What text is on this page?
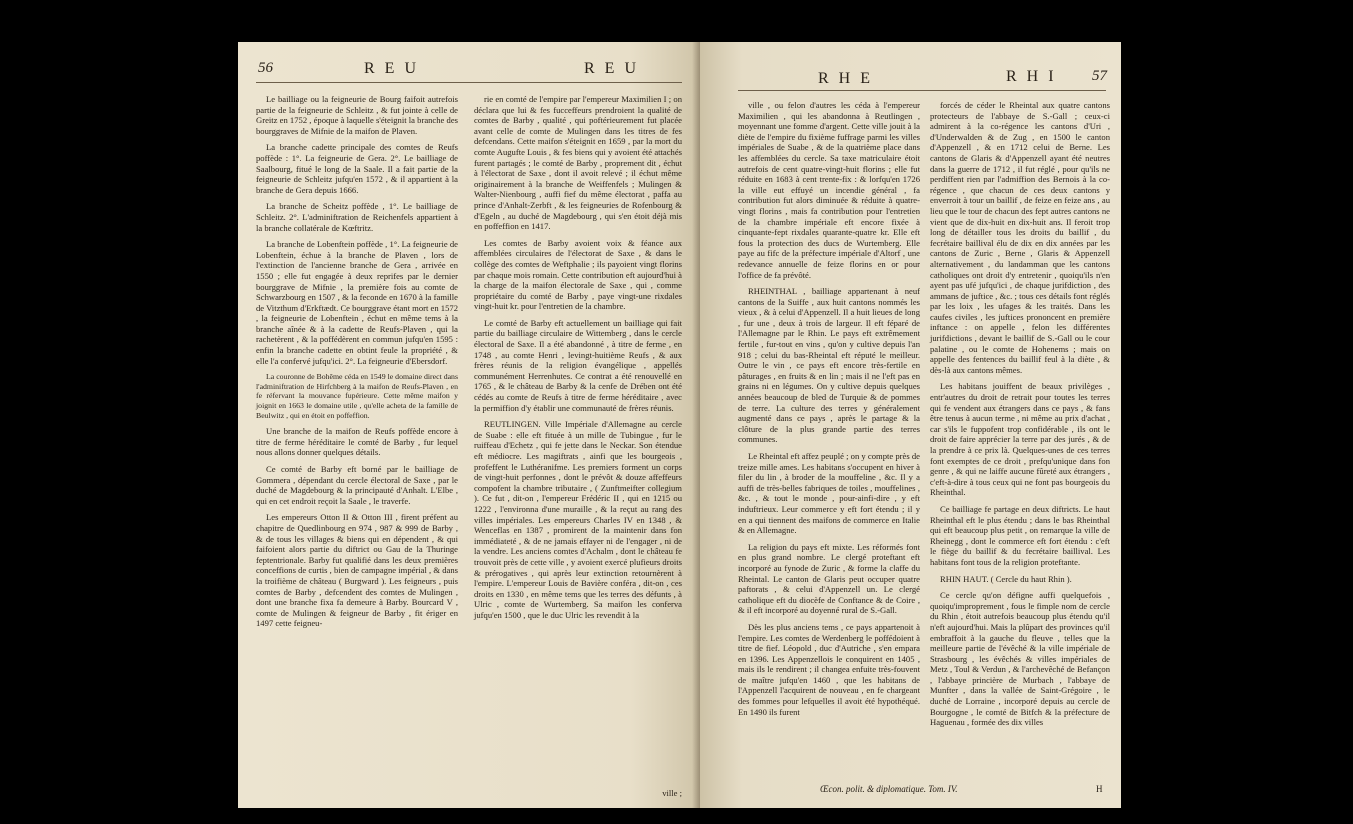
56	R E U	R E U

Le bailliage ou la feigneurie de Bourg faifoit autrefois partie de la feigneurie de Schleitz , & fut jointe à celle de Greitz en 1752 , époque à laquelle s'éteignit la branche des bourggraves de Mifnie de la maifon de Plaven.

La branche cadette principale des comtes de Reufs poffède : 1°. La feigneurie de Gera. 2°. Le bailliage de Saalbourg, fitué le long de la Saale. Il a fait partie de la feigneurie de Schleitz jufqu'en 1572 , & il appartient à la branche de Gera depuis 1666.

La branche de Scheitz poffède , 1°. Le bailliage de Schleitz. 2°. L'adminiftration de Reichenfels appartient à la branche collatérale de Kœftritz.

La branche de Lobenftein poffède , 1°. La feigneurie de Lobenftein, échue à la branche de Plaven , lors de l'extinction de l'ancienne branche de Gera , arrivée en 1550 ; elle fut engagée à deux reprifes par le dernier bourggrave de Mifnie , la première fois au comte de Schwarzbourg en 1507 , & la feconde en 1670 à la famille de Vitzthum d'Erkftædt. Ce bourggrave étant mort en 1572 , la feigneurie de Lobenftein , échut en même tems à la branche aînée & à la cadette de Reufs-Plaven , qui la rachetèrent , & la poffédèrent en commun jufqu'en 1595 : enfin la branche cadette en obtint feule la propriété , & elle l'a confervé jufqu'ici. 2°. La feigneurie d'Ebersdorf.

La couronne de Bohême céda en 1549 le domaine direct dans l'adminiftration de Hirfchberg à la maifon de Reufs-Plaven , en fe réfervant la mouvance fupérieure. Cette même maifon y joignit en 1663 le domaine utile , qu'elle acheta de la famille de Beulwitz , qui en étoit en poffeffion.

Une branche de la maifon de Reufs poffède encore à titre de ferme héréditaire le comté de Barby , fur lequel nous allons donner quelques détails.

Ce comté de Barby eft borné par le bailliage de Gommera , dépendant du cercle électoral de Saxe , par le duché de Magdebourg & la principauté d'Anhalt. L'Elbe , qui en cet endroit reçoit la Saale , le traverfe.

Les empereurs Otton II & Otton III , firent préfent au chapitre de Quedlinbourg en 974 , 987 & 999 de Barby , & de tous les villages & biens qui en dépendent , & qui faifoient alors partie du diftrict ou Gau de la Thuringe feptentrionale. Barby fut qualifié dans les deux premières conceffions de curtis , bien de campagne impérial , & dans la troifième de château ( Burgward ). Les feigneurs , puis comtes de Barby , defcendent des comtes de Mulingen , dont une branche fixa fa demeure à Barby. Bourcard V , comte de Mulingen & feigneur de Barby , fit ériger en 1497 cette feigneu-

rie en comté de l'empire par l'empereur Maximilien I ; on déclara que lui & fes fucceffeurs prendroient la qualité de comtes de Barby , qualité , qui poftérieurement fut placée avant celle de comte de Mulingen dans les titres de fes defcendans. Cette maifon s'éteignit en 1659 , par la mort du comte Augufte Louis , & fes biens qui y avoient été attachés furent partagés ; le comté de Barby , proprement dit , échut à l'électorat de Saxe , dont il avoit relevé ; il échut même originairement à la branche de Weiffenfels ; Mulingen & Walter-Nienbourg , auffi fief du même électorat , paffa au prince d'Anhalt-Zerbft , & les feigneuries de Rofenbourg & d'Egeln , au duché de Magdebourg , qui s'en étoit déjà mis en poffeffion en 1417.

Les comtes de Barby avoient voix & féance aux affemblées circulaires de l'électorat de Saxe , & dans le collège des comtes de Weftphalie ; ils payoient vingt florins par chaque mois romain. Cette contribution eft aujourd'hui à la charge de la maifon électorale de Saxe , qui , comme propriétaire du comté de Barby , paye vingt-une rixdales vingt-huit kr. pour l'entretien de la chambre.

Le comté de Barby eft actuellement un bailliage qui fait partie du bailliage circulaire de Wittemberg , dans le cercle électoral de Saxe. Il a été abandonné , à titre de ferme , en 1748 , au comte Henri , levingt-huitième Reufs , & aux frères réunis de la religion évangélique , appellés communément Herrenhutes. Ce contrat a été renouvellé en 1765 , & le château de Barby & la cenfe de Drében ont été cédés au comte de Reufs à titre de ferme héréditaire , avec la permiffion d'y établir une communauté de frères réunis.

REUTLINGEN. Ville Impériale d'Allemagne au cercle de Suabe : elle eft fituée à un mille de Tubingue , fur le ruiffeau d'Echetz , qui fe jette dans le Neckar. Son étendue eft médiocre. Les magiftrats , ainfi que les bourgeois , profeffent le Luthéranifme. Les premiers forment un corps de vingt-huit perfonnes , dont le prévôt & douze affeffeurs compofent la chambre tributaire , ( Zunftmeifter collegium ). Ce fut , dit-on , l'empereur Frédéric II , qui en 1215 ou 1222 , l'environna d'une muraille , & la reçut au rang des villes impériales. Les empereurs Charles IV en 1348 , & Wenceflas en 1387 , promirent de la maintenir dans fon immédiateté , & de ne jamais effayer ni de l'engager , ni de la vendre. Les anciens comtes d'Achalm , dont le château fe trouvoit près de cette ville , y avoient exercé plufieurs droits & prérogatives , qui après leur extinction retournèrent à l'empire. L'empereur Louis de Bavière conféra , dit-on , ces droits en 1330 , en même tems que les terres des défunts , à Ulric , comte de Wurtemberg. Sa maifon les conferva jufqu'en 1500 , que le duc Ulric les revendit à la

ville ;
R H E	R H I 57

ville , ou felon d'autres les céda à l'empereur Maximilien , qui les abandonna à Reutlingen , moyennant une fomme d'argent. Cette ville jouit à la diète de l'empire du fixième fuffrage parmi les villes impériales de Suabe , & de la quatrième place dans les affemblées du cercle. Sa taxe matriculaire étoit autrefois de cent quatre-vingt-huit florins ; elle fut réduite en 1683 à cent trente-fix : & lorfqu'en 1726 la ville eut effuyé un incendie général , fa contribution fut alors diminuée & réduite à quatre-vingt florins , mais fa contribution pour l'entretien de la chambre impériale eft encore fixée à cinquante-fept rixdales quarante-quatre kr. Elle eft fous la protection des ducs de Wurtemberg. Elle paye au fifc de la préfecture impériale d'Altorf , une redevance annuelle de feize florins en or pour l'office de fa prévôté.

RHEINTHAL , bailliage appartenant à neuf cantons de la Suiffe , aux huit cantons nommés les vieux , & à celui d'Appenzell. Il a huit lieues de long , fur une , deux à trois de largeur. Il eft féparé de l'Allemagne par le Rhin. Le pays eft extrêmement fertile , fur-tout en vins , qu'on y cultive depuis l'an 918 ; celui du bas-Rheintal eft réputé le meilleur. Outre le vin , ce pays eft encore très-fertile en pâturages , en fruits & en lin ; mais il ne l'eft pas en grains ni en légumes. On y cultive depuis quelques années beaucoup de bled de Turquie & de pommes de terre. La culture des terres y généralement augmenté dans ce pays , après le partage & la clôture de la plus grande partie des terres communes.

Le Rheintal eft affez peuplé ; on y compte près de treize mille ames. Les habitans s'occupent en hiver à filer du lin , à broder de la mouffeline , &c. Il y a auffi de très-belles fabriques de toiles , mouffelines , &c. , & tout le monde , pour-ainfi-dire , y eft induftrieux. Leur commerce y eft fort étendu ; il y en a qui tiennent des maifons de commerce en Italie & en Allemagne.

La religion du pays eft mixte. Les réformés font en plus grand nombre. Le clergé proteftant eft incorporé au fynode de Zuric , & forme la claffe du Rheintal. Le canton de Glaris peut occuper quatre paftorats , & celui d'Appenzell un. Le clergé catholique eft du diocèfe de Conftance & de Coire , & il eft incorporé au doyenné rural de S.-Gall.

Dès les plus anciens tems , ce pays appartenoit à l'empire. Les comtes de Werdenberg le poffédoient à titre de fief. Léopold , duc d'Autriche , s'en empara en 1396. Les Appenzellois le conquirent en 1405 , mais ils le rendirent ; il changea enfuite très-fouvent de maître jufqu'en 1460 , que les habitans de l'Appenzell l'acquirent de nouveau , en fe chargeant des fommes pour lefquelles il avoit été hypothéqué. En 1490 ils furent

forcés de céder le Rheintal aux quatre cantons protecteurs de l'abbaye de S.-Gall ; ceux-ci admirent à la co-régence les cantons d'Uri , d'Underwalden & de Zug , en 1500 le canton d'Appenzell , & en 1712 celui de Berne. Les cantons de Glaris & d'Appenzell ayant été neutres dans la guerre de 1712 , il fut réglé , pour qu'ils ne perdiffent rien par l'admiffion des Bernois à la co-régence , que chacun de ces deux cantons y enverroit à tour un baillif , de feize en feize ans , au lieu que le tour de chacun des fept autres cantons ne vient que de dix-huit en dix-huit ans. Il feroit trop long de détailler tous les droits du baillif , du fecrétaire baillival élu de dix en dix années par les cantons de Zuric , Berne , Glaris & Appenzell alternativement , du landamman que les cantons catholiques ont droit d'y entretenir , quoiqu'ils n'en ayent pas ufé jufqu'ici , de chaque jurifdiction , des ammans de juftice , &c. ; tous ces détails font réglés par les loix , les ufages & les traités. Dans les caufes civiles , les juftices prononcent en première inftance : on appelle , felon les différentes jurifdictions , devant le baillif de S.-Gall ou le cour palatine , ou le comte de Hohenems ; mais on appelle des fentences du baillif feul à la diète , & dès-là aux cantons mêmes.

Les habitans jouiffent de beaux privilèges , entr'autres du droit de retrait pour toutes les terres qui fe vendent aux étrangers dans ce pays , & fans être tenus à aucun terme , ni même au prix d'achat , car s'ils le fuppofent trop confidérable , ils ont le droit de faire apprécier la terre par des jurés , & de la prendre à ce prix là. Quelques-unes de ces terres font exemptes de ce droit , prefqu'unique dans fon genre , & qui ne laiffe aucune fûreté aux étrangers , c'eft-à-dire à tous ceux qui ne font pas bourgeois du Rheinthal.

Ce bailliage fe partage en deux diftricts. Le haut Rheinthal eft le plus étendu ; dans le bas Rheinthal qui eft beaucoup plus petit , on remarque la ville de Rheinegg , dont le commerce eft fort étendu : c'eft le fiège du baillif & du fecrétaire baillival. Les habitans font tous de la religion proteftante.

RHIN HAUT. ( Cercle du haut Rhin ).

Ce cercle qu'on défigne auffi quelquefois , quoiqu'improprement , fous le fimple nom de cercle du Rhin , étoit autrefois beaucoup plus étendu qu'il n'eft aujourd'hui. Mais la plûpart des provinces qu'il embraffoit à la gauche du fleuve , telles que la meilleure partie de l'évêché & la ville impériale de Strasbourg , les évêchés & villes impériales de Metz , Toul & Verdun , & l'archevêché de Befançon , l'abbaye princière de Murbach , l'abbaye de Munfter , dans la vallée de Saint-Grégoire , le duché de Lorraine , incorporé depuis au cercle de Bourgogne , le comté de Bitfch & la préfecture de Haguenau , formée des dix villes

Œcon. polit. & diplomatique. Tom. IV.	H
